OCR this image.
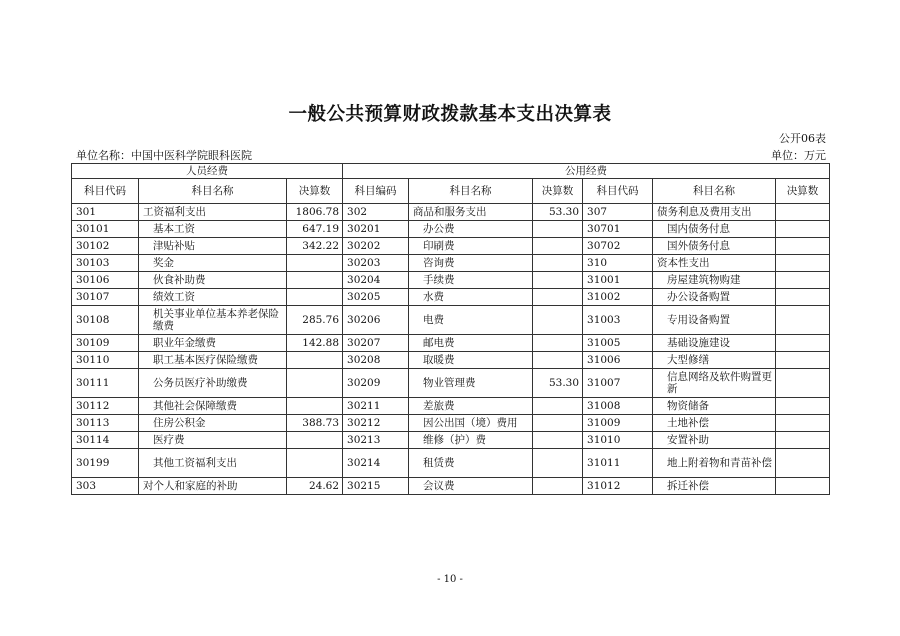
一般公共预算财政拨款基本支出决算表
公开06表
单位名称：中国中医科学院眼科医院	单位：万元
人员经费			公用经费					
科目代码	科目名称	决算数	科目编码	科目名称	决算数	科目代码	科目名称	决算数
301	工资福利支出	1806.78	302	商品和服务支出	53.30	307	债务利息及费用支出	
30101	基本工资	647.19	30201	办公费		30701	国内债务付息	
30102	津贴补贴	342.22	30202	印刷费		30702	国外债务付息	
30103	奖金		30203	咨询费		310	资本性支出	
30106	伙食补助费		30204	手续费		31001	房屋建筑物购建	
30107	绩效工资		30205	水费		31002	办公设备购置	
30108	机关事业单位基本养老保险缴费	285.76	30206	电费		31003	专用设备购置	
30109	职业年金缴费	142.88	30207	邮电费		31005	基础设施建设	
30110	职工基本医疗保险缴费		30208	取暖费		31006	大型修缮	
30111	公务员医疗补助缴费		30209	物业管理费	53.30	31007	信息网络及软件购置更新	
30112	其他社会保障缴费		30211	差旅费		31008	物资储备	
30113	住房公积金	388.73	30212	因公出国（境）费用		31009	土地补偿	
30114	医疗费		30213	维修（护）费		31010	安置补助	
30199	其他工资福利支出		30214	租赁费		31011	地上附着物和青苗补偿	
303	对个人和家庭的补助	24.62	30215	会议费		31012	拆迁补偿	
- 10 -
